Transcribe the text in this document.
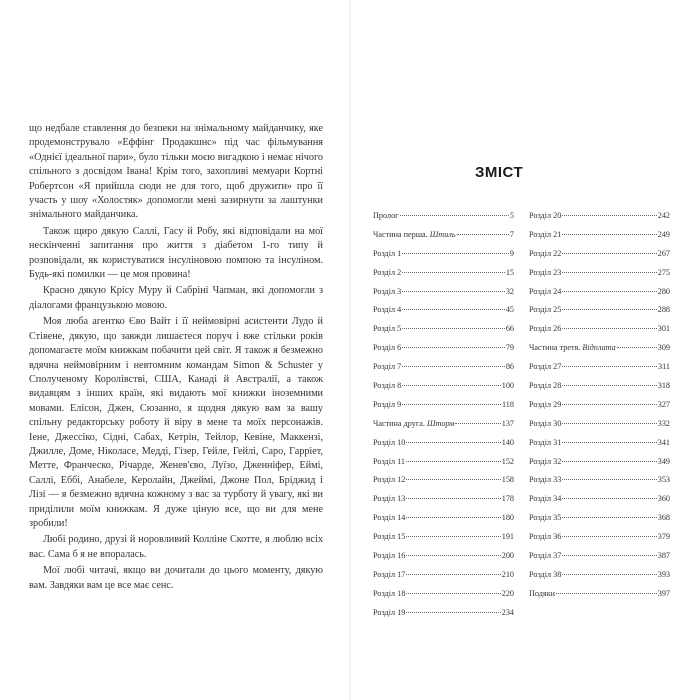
що недбале ставлення до безпеки на знімальному майданчику, яке продемонструвало «Еффінг Продакшнс» під час фільмування «Однієї ідеальної пари», було тільки моєю вигадкою і немає нічого спільного з досвідом Івана! Крім того, захопливі мемуари Кортні Робертсон «Я прийшла сюди не для того, щоб дружити» про її участь у шоу «Холостяк» допомогли мені зазирнути за лаштунки знімального майданчика.

Також щиро дякую Саллі, Гасу й Робу, які відповідали на мої нескінченні запитання про життя з діабетом 1-го типу й розповідали, як користуватися інсуліновою помпою та інсуліном. Будь-які помилки — це моя провина!

Красно дякую Крісу Муру й Сабріні Чапман, які допомогли з діалогами французькою мовою.

Моя люба агентко Єво Вайт і її неймовірні асистенти Лудо й Стівене, дякую, що завжди лишаєтеся поруч і вже стільки років допомагаєте моїм книжкам побачити цей світ. Я також я безмежно вдячна неймовірним і невтомним командам Simon & Schuster у Сполученому Королівстві, США, Канаді й Австралії, а також видавцям з інших країн, які видають мої книжки іноземними мовами. Елісон, Джен, Сюзанно, я щодня дякую вам за вашу спільну редакторську роботу й віру в мене та моїх персонажів. Іене, Джессіко, Сідні, Сабах, Кетрін, Тейлор, Кевіне, Маккензі, Джилле, Доме, Ніколасе, Медді, Гізер, Гейле, Гейлі, Саро, Гарріет, Метте, Франческо, Річарде, Женев'єво, Луїзо, Дженніфер, Еймі, Саллі, Еббі, Анабеле, Керолайн, Джеймі, Джоне Пол, Бріджид і Лізі — я безмежно вдячна кожному з вас за турботу й увагу, які ви приділили моїм книжкам. Я дуже ціную все, що ви для мене зробили!

Любі родино, друзі й норовливий Колліне Скотте, я люблю всіх вас. Сама б я не впоралась.

Мої любі читачі, якщо ви дочитали до цього моменту, дякую вам. Завдяки вам це все має сенс.

ЗМІСТ
Пролог	5
Частина перша. Штиль	7
Розділ 1	9
Розділ 2	15
Розділ 3	32
Розділ 4	45
Розділ 5	66
Розділ 6	79
Розділ 7	86
Розділ 8	100
Розділ 9	118
Частина друга. Шторм	137
Розділ 10	140
Розділ 11	152
Розділ 12	158
Розділ 13	178
Розділ 14	180
Розділ 15	191
Розділ 16	200
Розділ 17	210
Розділ 18	220
Розділ 19	234
Розділ 20	242
Розділ 21	249
Розділ 22	267
Розділ 23	275
Розділ 24	280
Розділ 25	288
Розділ 26	301
Частина третя. Відплата	309
Розділ 27	311
Розділ 28	318
Розділ 29	327
Розділ 30	332
Розділ 31	341
Розділ 32	349
Розділ 33	353
Розділ 34	360
Розділ 35	368
Розділ 36	379
Розділ 37	387
Розділ 38	393
Подяки	397
